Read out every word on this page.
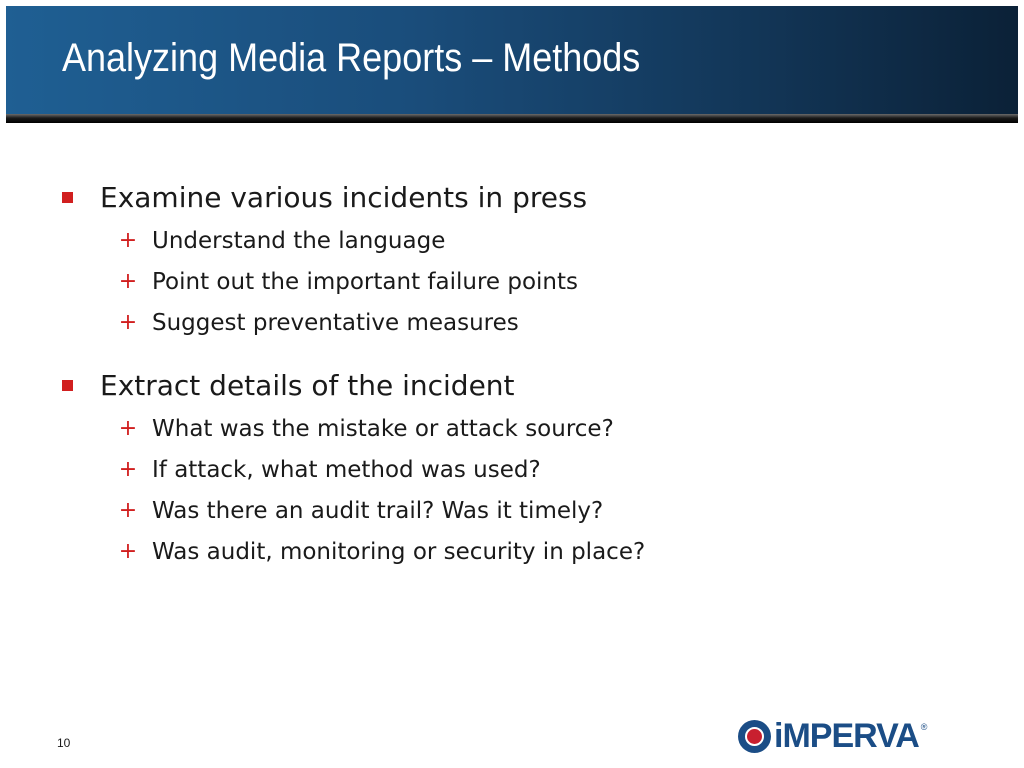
Analyzing Media Reports – Methods
Examine various incidents in press
+ Understand the language
+ Point out the important failure points
+ Suggest preventative measures
Extract details of the incident
+ What was the mistake or attack source?
+ If attack, what method was used?
+ Was there an audit trail? Was it timely?
+ Was audit, monitoring or security in place?
10	iMPERVA ®
